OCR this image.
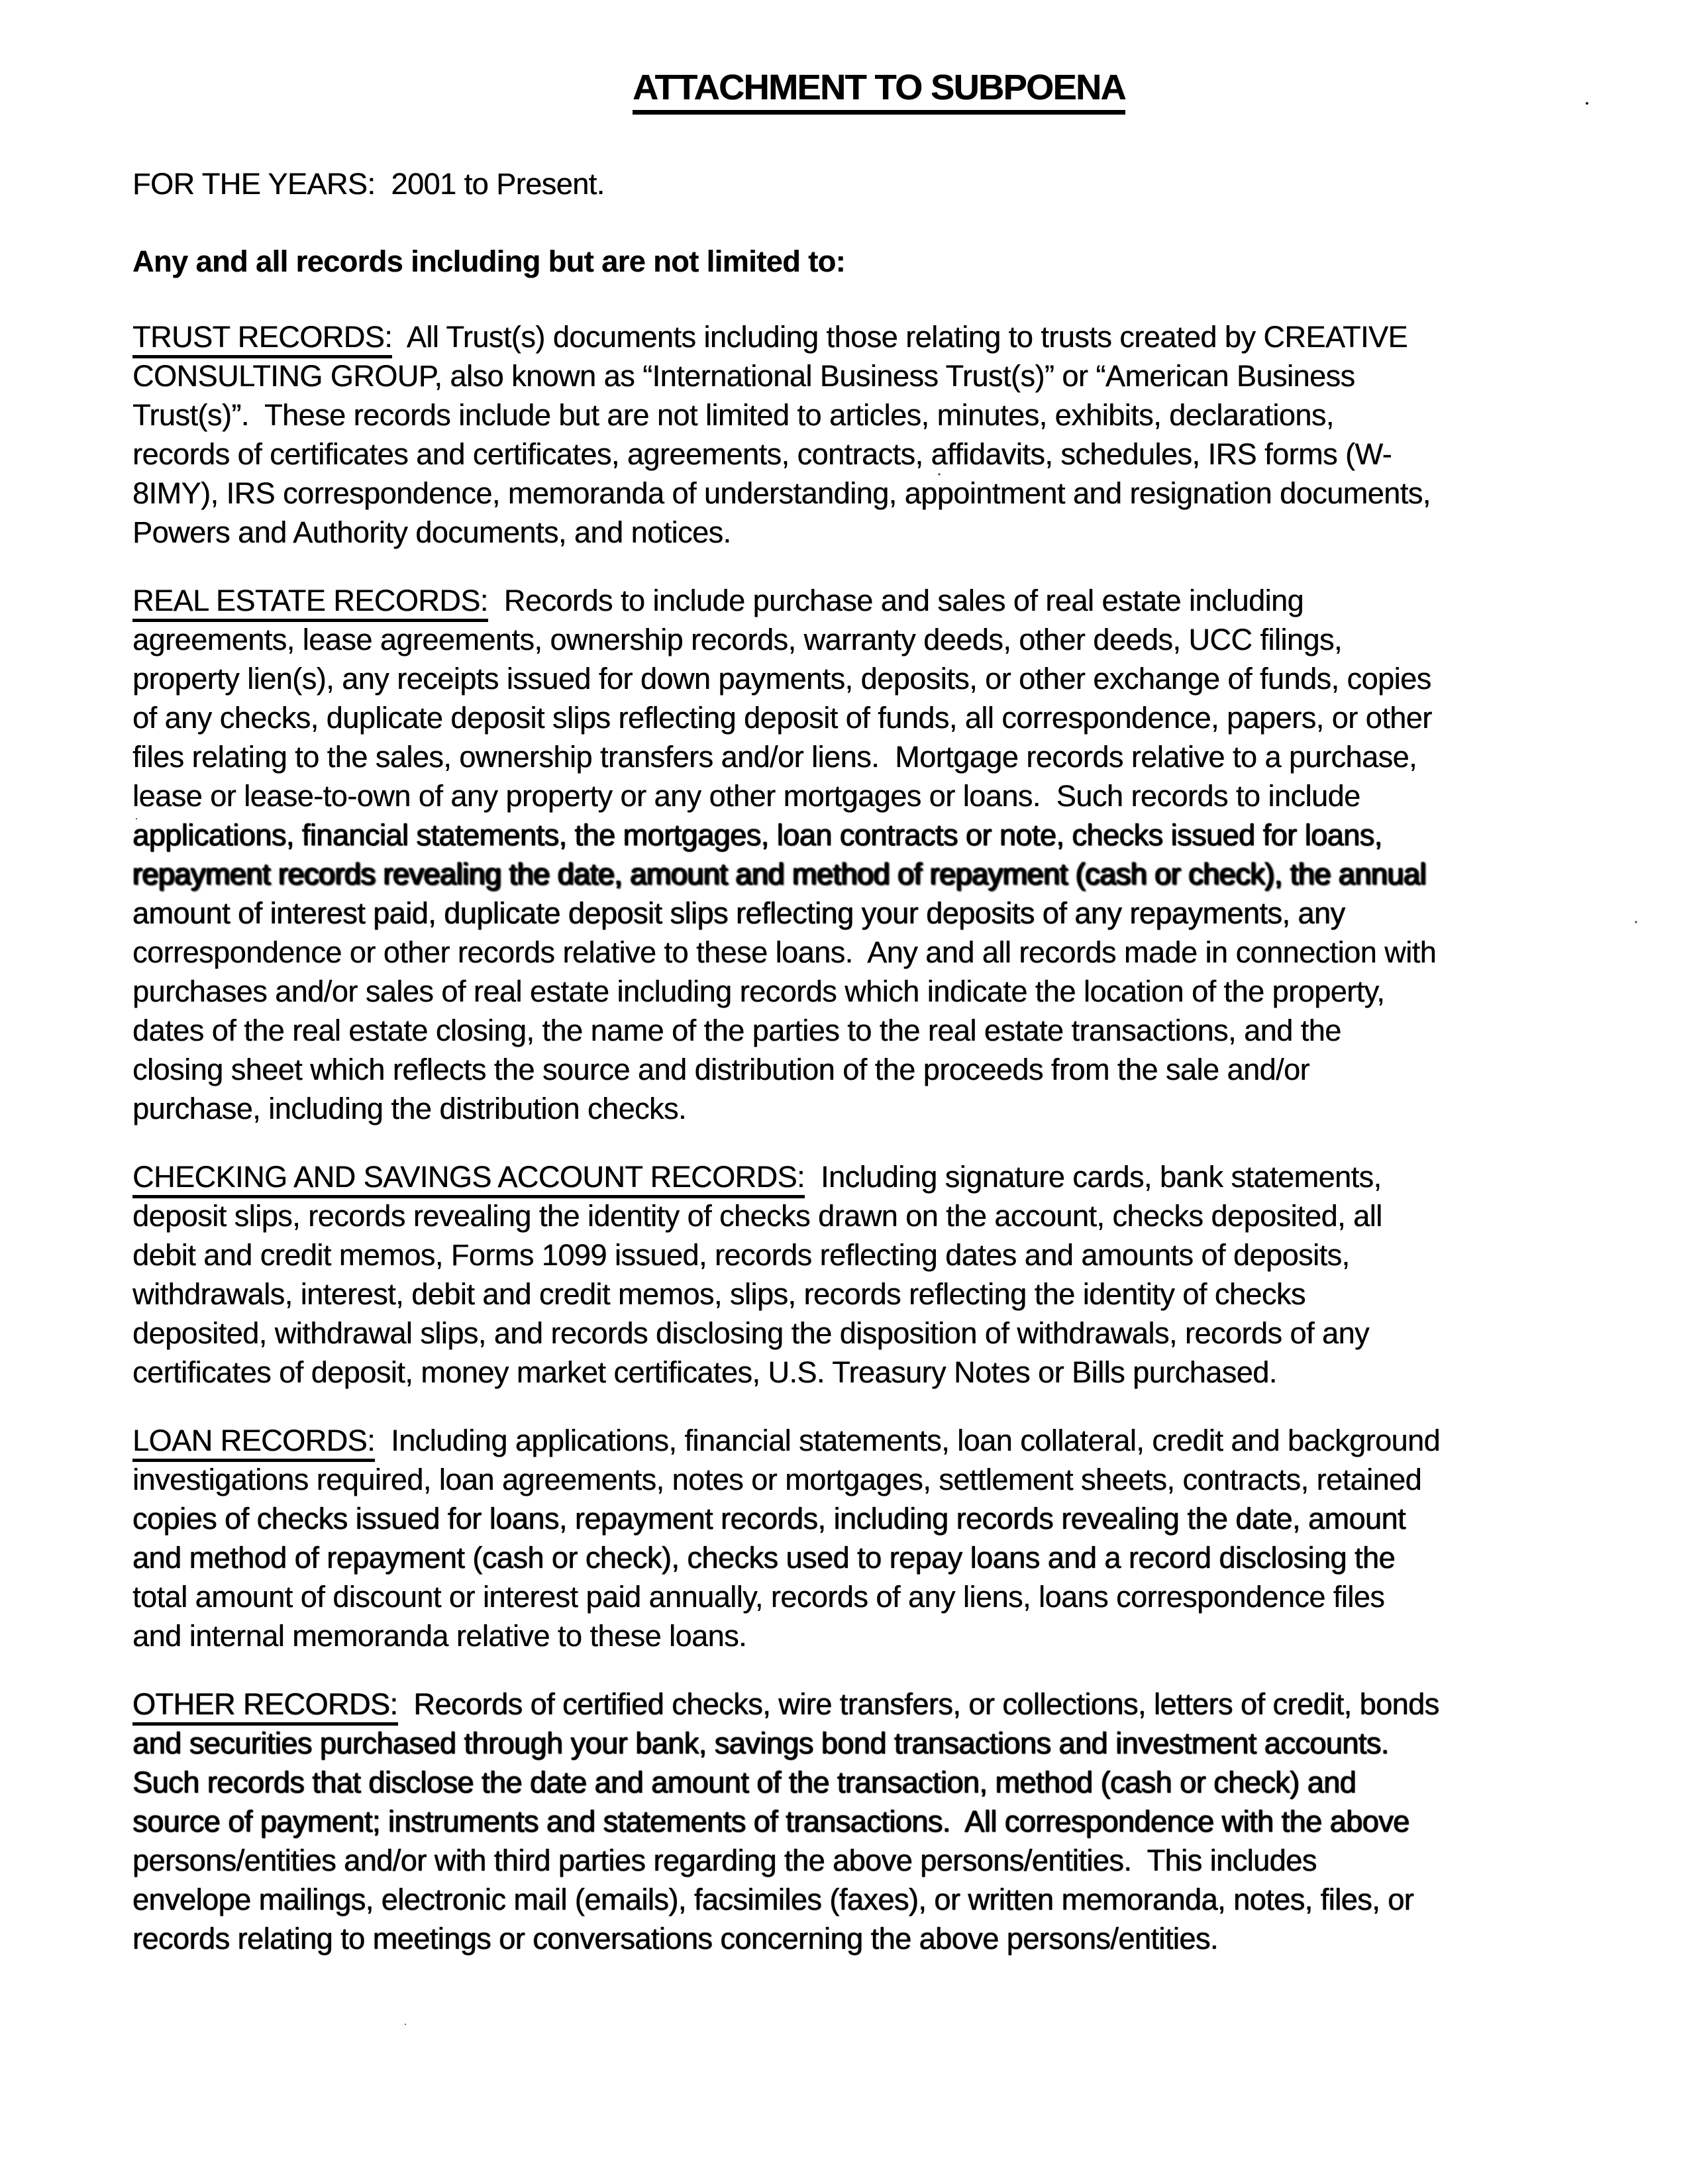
ATTACHMENT TO SUBPOENA
FOR THE YEARS:  2001 to Present.
Any and all records including but are not limited to:
TRUST RECORDS:  All Trust(s) documents including those relating to trusts created by CREATIVE
CONSULTING GROUP, also known as “International Business Trust(s)” or “American Business
Trust(s)”.  These records include but are not limited to articles, minutes, exhibits, declarations,
records of certificates and certificates, agreements, contracts, affidavits, schedules, IRS forms (W-
8IMY), IRS correspondence, memoranda of understanding, appointment and resignation documents,
Powers and Authority documents, and notices.
REAL ESTATE RECORDS:  Records to include purchase and sales of real estate including
agreements, lease agreements, ownership records, warranty deeds, other deeds, UCC filings,
property lien(s), any receipts issued for down payments, deposits, or other exchange of funds, copies
of any checks, duplicate deposit slips reflecting deposit of funds, all correspondence, papers, or other
files relating to the sales, ownership transfers and/or liens.  Mortgage records relative to a purchase,
lease or lease-to-own of any property or any other mortgages or loans.  Such records to include
applications, financial statements, the mortgages, loan contracts or note, checks issued for loans,
repayment records revealing the date, amount and method of repayment (cash or check), the annual
amount of interest paid, duplicate deposit slips reflecting your deposits of any repayments, any
correspondence or other records relative to these loans.  Any and all records made in connection with
purchases and/or sales of real estate including records which indicate the location of the property,
dates of the real estate closing, the name of the parties to the real estate transactions, and the
closing sheet which reflects the source and distribution of the proceeds from the sale and/or
purchase, including the distribution checks.
CHECKING AND SAVINGS ACCOUNT RECORDS:  Including signature cards, bank statements,
deposit slips, records revealing the identity of checks drawn on the account, checks deposited, all
debit and credit memos, Forms 1099 issued, records reflecting dates and amounts of deposits,
withdrawals, interest, debit and credit memos, slips, records reflecting the identity of checks
deposited, withdrawal slips, and records disclosing the disposition of withdrawals, records of any
certificates of deposit, money market certificates, U.S. Treasury Notes or Bills purchased.
LOAN RECORDS:  Including applications, financial statements, loan collateral, credit and background
investigations required, loan agreements, notes or mortgages, settlement sheets, contracts, retained
copies of checks issued for loans, repayment records, including records revealing the date, amount
and method of repayment (cash or check), checks used to repay loans and a record disclosing the
total amount of discount or interest paid annually, records of any liens, loans correspondence files
and internal memoranda relative to these loans.
OTHER RECORDS:  Records of certified checks, wire transfers, or collections, letters of credit, bonds
and securities purchased through your bank, savings bond transactions and investment accounts.
Such records that disclose the date and amount of the transaction, method (cash or check) and
source of payment; instruments and statements of transactions.  All correspondence with the above
persons/entities and/or with third parties regarding the above persons/entities.  This includes
envelope mailings, electronic mail (emails), facsimiles (faxes), or written memoranda, notes, files, or
records relating to meetings or conversations concerning the above persons/entities.
